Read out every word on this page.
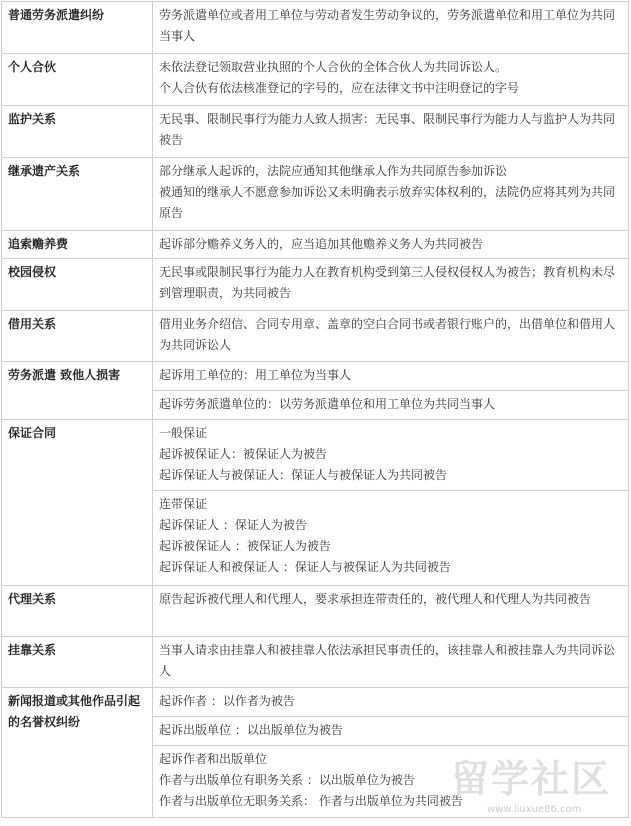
普通劳务派遣纠纷	劳务派遣单位或者用工单位与劳动者发生劳动争议的，劳务派遣单位和用工单位为共同当事人

个人合伙	未依法登记领取营业执照的个人合伙的全体合伙人为共同诉讼人。
个人合伙有依法核准登记的字号的，应在法律文书中注明登记的字号

监护关系	无民事、限制民事行为能力人致人损害：无民事、限制民事行为能力人与监护人为共同被告

继承遗产关系	部分继承人起诉的，法院应通知其他继承人作为共同原告参加诉讼
被通知的继承人不愿意参加诉讼又未明确表示放弃实体权利的，法院仍应将其列为共同原告

追索赡养费	起诉部分赡养义务人的，应当追加其他赡养义务人为共同被告

校园侵权	无民事或限制民事行为能力人在教育机构受到第三人侵权侵权人为被告；教育机构未尽到管理职责，为共同被告

借用关系	借用业务介绍信、合同专用章、盖章的空白合同书或者银行账户的，出借单位和借用人为共同诉讼人

劳务派遣 致他人损害	起诉用工单位的：用工单位为当事人

	起诉劳务派遣单位的：以劳务派遣单位和用工单位为共同当事人

保证合同	一般保证
起诉被保证人：被保证人为被告
起诉保证人与被保证人：保证人与被保证人为共同被告

	连带保证
起诉保证人 ：保证人为被告
起诉被保证人 ：被保证人为被告
起诉保证人和被保证人 ：保证人与被保证人为共同被告

代理关系	原告起诉被代理人和代理人，要求承担连带责任的，被代理人和代理人为共同被告

挂靠关系	当事人请求由挂靠人和被挂靠人依法承担民事责任的，该挂靠人和被挂靠人为共同诉讼人

新闻报道或其他作品引起的名誉权纠纷	起诉作者 ：以作者为被告

	起诉出版单位 ：以出版单位为被告

	起诉作者和出版单位
作者与出版单位有职务关系 ：以出版单位为被告
作者与出版单位无职务关系： 作者与出版单位为共同被告
留学社区
www.liuxue86.com
